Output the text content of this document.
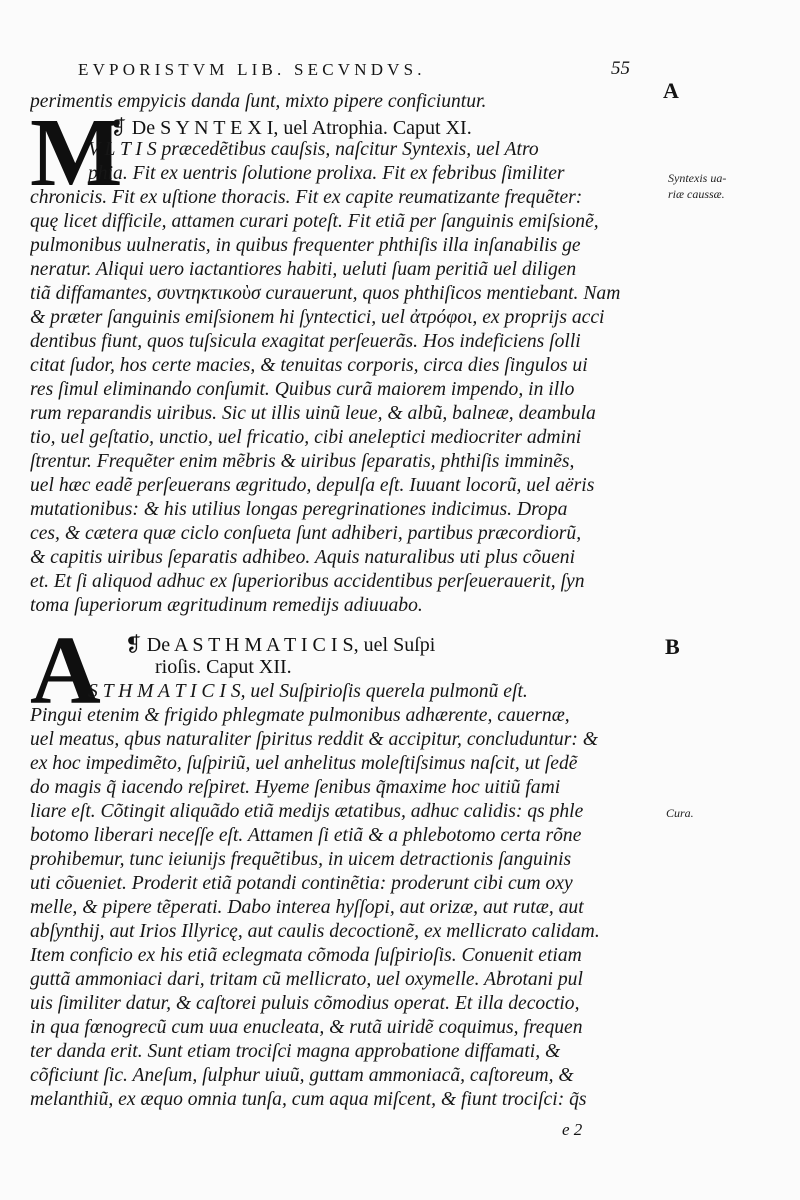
EVPORISTVM LIB. SECVNDVS.	55
A
B
Syntexis ua-
riæ caussæ.
Cura.
perimentis empyicis danda ſunt, mixto pipere conficiuntur.
M
❡ De S Y N T E X I, uel Atrophia. Caput XI.
V L T I S præcedẽtibus cauſsis, naſcitur Syntexis, uel Atro
phia. Fit ex uentris ſolutione prolixa. Fit ex febribus ſimiliter
chronicis. Fit ex uſtione thoracis. Fit ex capite reumatizante frequẽter:
quę licet difficile, attamen curari poteſt. Fit etiã per ſanguinis emiſsionẽ,
pulmonibus uulneratis, in quibus frequenter phthiſis illa inſanabilis ge
neratur. Aliqui uero iactantiores habiti, ueluti ſuam peritiã uel diligen
tiã diffamantes, συντηκτικοὺσ curauerunt, quos phthiſicos mentiebant. Nam
& præter ſanguinis emiſsionem hi ſyntectici, uel ἀτρόφοι, ex proprijs acci
dentibus fiunt, quos tuſsicula exagitat perſeuerãs. Hos indeficiens ſolli
citat ſudor, hos certe macies, & tenuitas corporis, circa dies ſingulos ui
res ſimul eliminando conſumit. Quibus curã maiorem impendo, in illo
rum reparandis uiribus. Sic ut illis uinũ leue, & albũ, balneæ, deambula
tio, uel geſtatio, unctio, uel fricatio, cibi aneleptici mediocriter admini
ſtrentur. Frequẽter enim mẽbris & uiribus ſeparatis, phthiſis imminẽs,
uel hæc eadẽ perſeuerans ægritudo, depulſa eſt. Iuuant locorũ, uel aëris
mutationibus: & his utilius longas peregrinationes indicimus. Dropa
ces, & cætera quæ ciclo conſueta ſunt adhiberi, partibus præcordiorũ,
& capitis uiribus ſeparatis adhibeo. Aquis naturalibus uti plus cõueni
et. Et ſi aliquod adhuc ex ſuperioribus accidentibus perſeuerauerit, ſyn
toma ſuperiorum ægritudinum remedijs adiuuabo.
A ❡ De A S T H M A T I C I S, uel Suſpi
rioſis. Caput XII.
S T H M A T I C I S, uel Suſpirioſis querela pulmonũ eſt.
Pingui etenim & frigido phlegmate pulmonibus adhærente, cauernæ,
uel meatus, qbus naturaliter ſpiritus reddit & accipitur, concluduntur: &
ex hoc impedimẽto, ſuſpiriũ, uel anhelitus moleſtiſsimus naſcit, ut ſedẽ
do magis q̃ iacendo reſpiret. Hyeme ſenibus q̃maxime hoc uitiũ fami
liare eſt. Cõtingit aliquãdo etiã medijs ætatibus, adhuc calidis: qs phle
botomo liberari neceſſe eſt. Attamen ſi etiã & a phlebotomo certa rõne
prohibemur, tunc ieiunijs frequẽtibus, in uicem detractionis ſanguinis
uti cõueniet. Proderit etiã potandi continẽtia: proderunt cibi cum oxy
melle, & pipere tẽperati. Dabo interea hyſſopi, aut orizæ, aut rutæ, aut
abſynthij, aut Irios Illyricę, aut caulis decoctionẽ, ex mellicrato calidam.
Item conficio ex his etiã eclegmata cõmoda ſuſpirioſis. Conuenit etiam
guttã ammoniaci dari, tritam cũ mellicrato, uel oxymelle. Abrotani pul
uis ſimiliter datur, & caſtorei puluis cõmodius operat. Et illa decoctio,
in qua fœnogrecũ cum uua enucleata, & rutã uiridẽ coquimus, frequen
ter danda erit. Sunt etiam trociſci magna approbatione diffamati, &
cõficiunt ſic. Aneſum, ſulphur uiuũ, guttam ammoniacã, caſtoreum, &
melanthiũ, ex æquo omnia tunſa, cum aqua miſcent, & fiunt trociſci: q̃s
e 2
